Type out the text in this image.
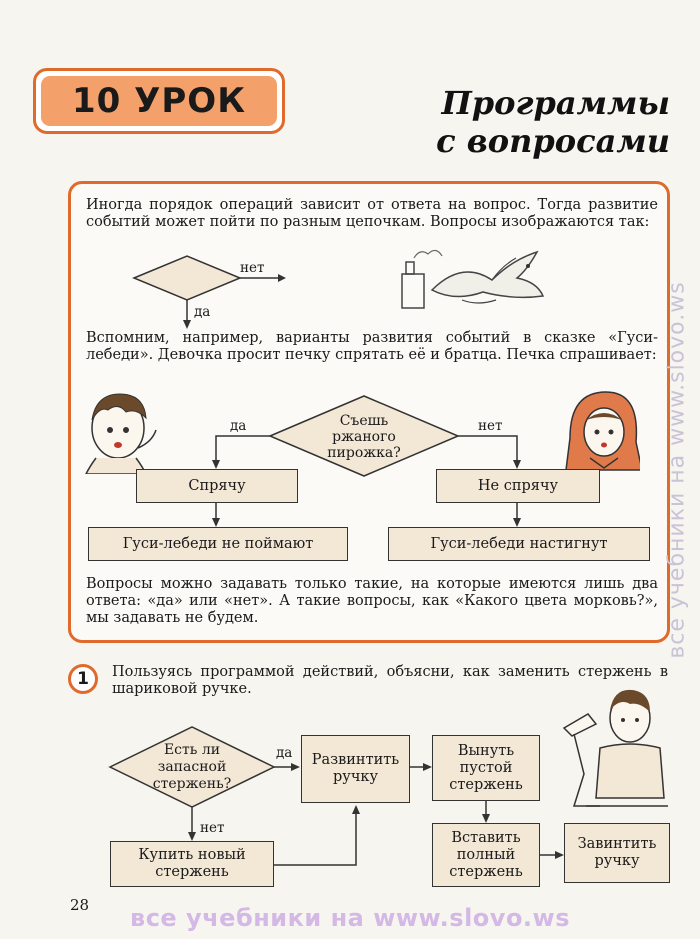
10 УРОК	Программы
с вопросами
Иногда порядок операций зависит от ответа на вопрос. Тогда развитие событий может пойти по разным цепочкам. Вопросы изображаются так:
нет
да
Вспомним, например, варианты развития событий в сказке «Гуси-лебеди». Девочка просит печку спрятать её и братца. Печка спрашивает:
Съешь ржаного пирожка?
да	нет
Спрячу	Не спрячу
Гуси-лебеди не поймают	Гуси-лебеди настигнут
Вопросы можно задавать только такие, на которые имеются лишь два ответа: «да» или «нет». А такие вопросы, как «Какого цвета морковь?», мы задавать не будем.
1	Пользуясь программой действий, объясни, как заменить стержень в шариковой ручке.
Есть ли запасной стержень?
да
нет
Развинтить ручку
Вынуть пустой стержень
Вставить полный стержень
Завинтить ручку
Купить новый стержень
28	все учебники на www.slovo.ws
все учебники на www.slovo.ws
